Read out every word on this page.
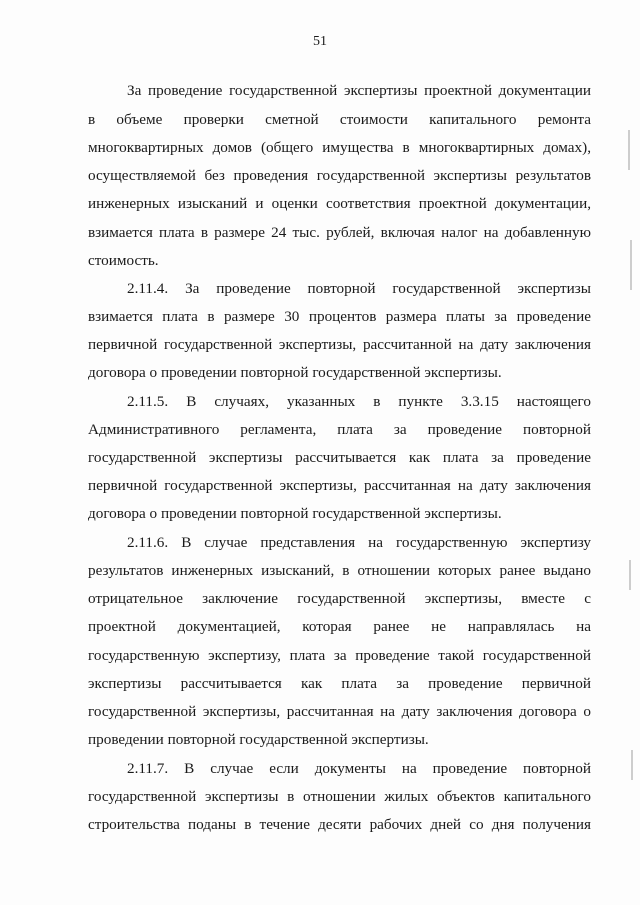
51
За проведение государственной экспертизы проектной документации
в объеме проверки сметной стоимости капитального ремонта
многоквартирных домов (общего имущества в многоквартирных домах),
осуществляемой без проведения государственной экспертизы результатов
инженерных изысканий и оценки соответствия проектной документации,
взимается плата в размере 24 тыс. рублей, включая налог на добавленную
стоимость.
2.11.4. За проведение повторной государственной экспертизы
взимается плата в размере 30 процентов размера платы за проведение
первичной государственной экспертизы, рассчитанной на дату заключения
договора о проведении повторной государственной экспертизы.
2.11.5. В случаях, указанных в пункте 3.3.15 настоящего
Административного регламента, плата за проведение повторной
государственной экспертизы рассчитывается как плата за проведение
первичной государственной экспертизы, рассчитанная на дату заключения
договора о проведении повторной государственной экспертизы.
2.11.6. В случае представления на государственную экспертизу
результатов инженерных изысканий, в отношении которых ранее выдано
отрицательное заключение государственной экспертизы, вместе с
проектной документацией, которая ранее не направлялась на
государственную экспертизу, плата за проведение такой государственной
экспертизы рассчитывается как плата за проведение первичной
государственной экспертизы, рассчитанная на дату заключения договора о
проведении повторной государственной экспертизы.
2.11.7. В случае если документы на проведение повторной
государственной экспертизы в отношении жилых объектов капитального
строительства поданы в течение десяти рабочих дней со дня получения
